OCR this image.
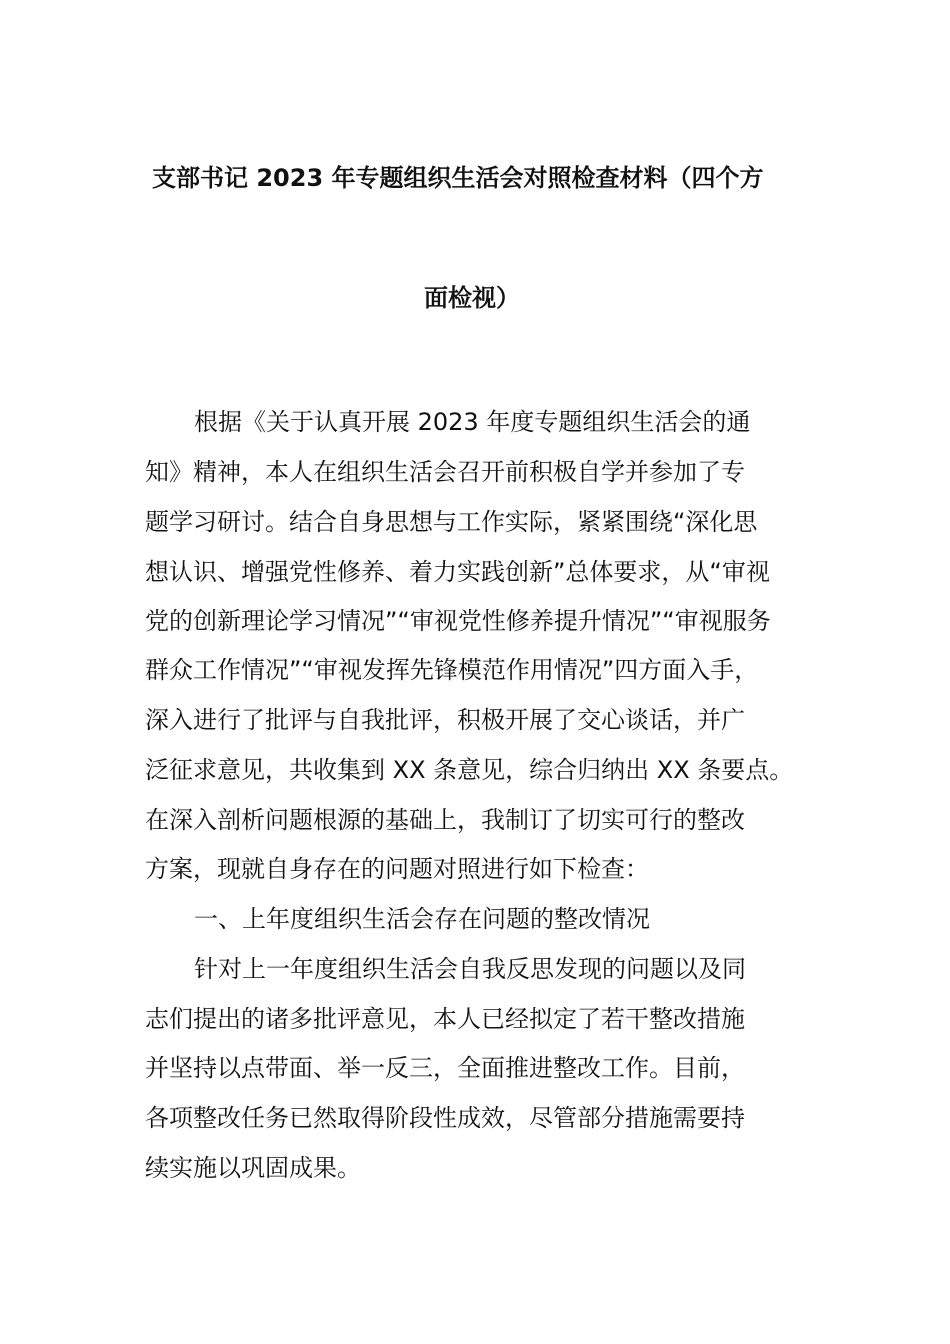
支部书记 2023 年专题组织生活会对照检查材料（四个方
面检视）
根据《关于认真开展 2023 年度专题组织生活会的通
知》精神，本人在组织生活会召开前积极自学并参加了专
题学习研讨。结合自身思想与工作实际，紧紧围绕“深化思
想认识、增强党性修养、着力实践创新”总体要求，从“审视
党的创新理论学习情况”“审视党性修养提升情况”“审视服务
群众工作情况”“审视发挥先锋模范作用情况”四方面入手，
深入进行了批评与自我批评，积极开展了交心谈话，并广
泛征求意见，共收集到 XX 条意见，综合归纳出 XX 条要点。
在深入剖析问题根源的基础上，我制订了切实可行的整改
方案，现就自身存在的问题对照进行如下检查：
一、上年度组织生活会存在问题的整改情况
针对上一年度组织生活会自我反思发现的问题以及同
志们提出的诸多批评意见，本人已经拟定了若干整改措施
并坚持以点带面、举一反三，全面推进整改工作。目前，
各项整改任务已然取得阶段性成效，尽管部分措施需要持
续实施以巩固成果。
